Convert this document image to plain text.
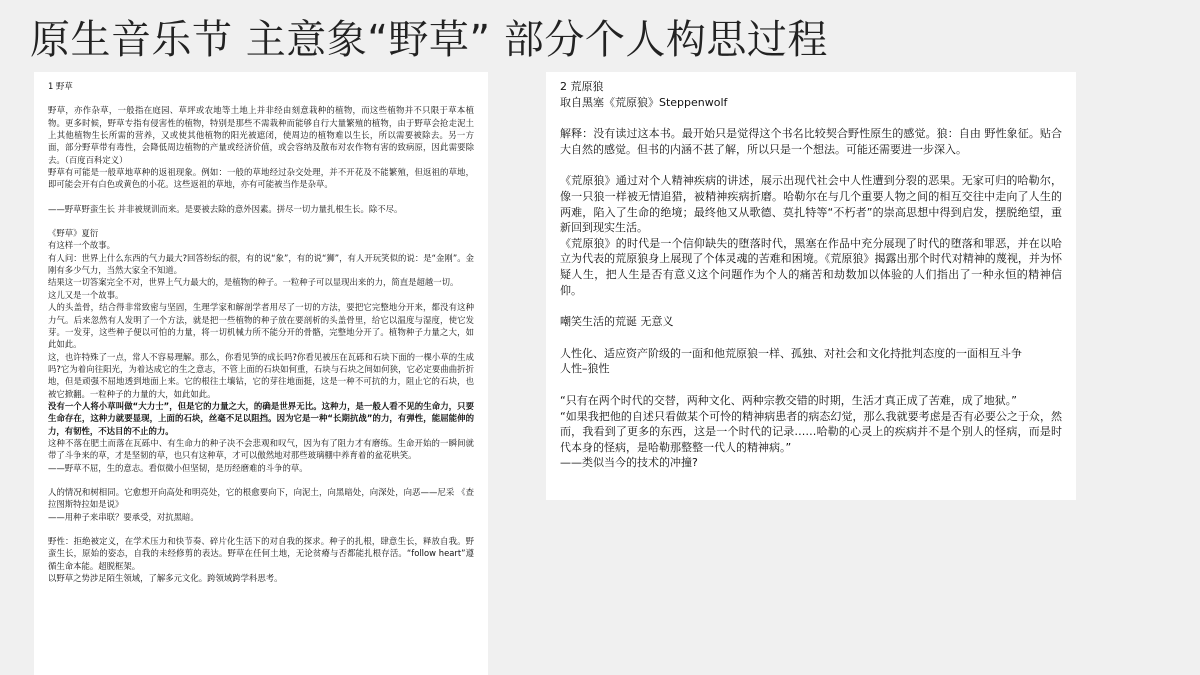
原生音乐节 主意象“野草” 部分个人构思过程

1 野草

野草，亦作杂草，一般指在庭园、草坪或农地等土地上并非经由刻意栽种的植物，而这些植物并不只限于草本植物。更多时候，野草专指有侵害性的植物，特别是那些不需栽种而能够自行大量繁殖的植物，由于野草会抢走泥土上其他植物生长所需的营养，又或使其他植物的阳光被遮闭，使周边的植物难以生长，所以需要被除去。另一方面，部分野草带有毒性，会降低周边植物的产量或经济价值，或会容纳及散布对农作物有害的致病原，因此需要除去。（百度百科定义）

野草有可能是一般草地草种的返祖现象。例如：一般的草地经过杂交处理，并不开花及不能繁殖，但返祖的草地，即可能会开有白色或黄色的小花。这些返祖的草地，亦有可能被当作是杂草。

——野草野蛮生长 并非被规训而来。是要被去除的意外因素。拼尽一切力量扎根生长。除不尽。

《野草》夏衍

有这样一个故事。

有人问：世界上什么东西的气力最大?回答纷纭的很，有的说“象”，有的说“狮”，有人开玩笑似的说：是“金刚”。金刚有多少气力，当然大家全不知道。

结果这一切答案完全不对，世界上气力最大的，是植物的种子。一粒种子可以显现出来的力，简直是超越一切。

这儿又是一个故事。

人的头盖骨，结合得非常致密与坚固，生理学家和解剖学者用尽了一切的方法，要把它完整地分开来，都没有这种力气。后来忽然有人发明了一个方法，就是把一些植物的种子放在要剖析的头盖骨里，给它以温度与湿度，使它发芽。一发芽，这些种子便以可怕的力量，将一切机械力所不能分开的骨骼，完整地分开了。植物种子力量之大，如此如此。

这，也许特殊了一点，常人不容易理解。那么，你看见笋的成长吗?你看见被压在瓦砾和石块下面的一棵小草的生成吗?它为着向往阳光，为着达成它的生之意志，不管上面的石块如何重，石块与石块之间如何狭，它必定要曲曲折折地，但是顽强不屈地透到地面上来。它的根往土壤钻，它的芽往地面挺，这是一种不可抗的力，阻止它的石块，也被它掀翻。一粒种子的力量的大，如此如此。

没有一个人将小草叫做“大力士”，但是它的力量之大，的确是世界无比。这种力，是一般人看不见的生命力，只要生命存在，这种力就要显现，上面的石块，丝毫不足以阻挡。因为它是一种“长期抗战”的力，有弹性，能屈能伸的力，有韧性，不达目的不止的力。

这种不落在肥土而落在瓦砾中、有生命力的种子决不会悲观和叹气，因为有了阻力才有磨练。生命开始的一瞬间就带了斗争来的草，才是坚韧的草，也只有这种草，才可以傲然地对那些玻璃棚中养育着的盆花哄笑。

——野草不屈，生的意志。看似微小但坚韧，是历经磨难的斗争的草。

人的情况和树相同。它愈想开向高处和明亮处，它的根愈要向下，向泥土，向黑暗处，向深处，向恶——尼采 《查拉图斯特拉如是说》

——用种子来串联？要承受，对抗黑暗。

野性：拒绝被定义，在学术压力和快节奏、碎片化生活下的对自我的探求。种子的扎根，肆意生长，释放自我。野蛮生长，原始的姿态，自我的未经修剪的表达。野草在任何土地，无论贫瘠与否都能扎根存活。“follow heart”遵循生命本能。超脱框架。

以野草之势涉足陌生领域，了解多元文化。跨领域跨学科思考。

2 荒原狼

取自黑塞《荒原狼》Steppenwolf

解释：没有读过这本书。最开始只是觉得这个书名比较契合野性原生的感觉。狼：自由 野性象征。贴合大自然的感觉。但书的内涵不甚了解，所以只是一个想法。可能还需要进一步深入。

《荒原狼》通过对个人精神疾病的讲述，展示出现代社会中人性遭到分裂的恶果。无家可归的哈勒尔，像一只狼一样被无情追猎，被精神疾病折磨。哈勒尔在与几个重要人物之间的相互交往中走向了人生的两难，陷入了生命的绝境；最终他又从歌德、莫扎特等“不朽者”的崇高思想中得到启发，摆脱绝望，重新回到现实生活。

《荒原狼》的时代是一个信仰缺失的堕落时代，黑塞在作品中充分展现了时代的堕落和罪恶，并在以哈立为代表的荒原狼身上展现了个体灵魂的苦难和困境。《荒原狼》揭露出那个时代对精神的蔑视，并为怀疑人生，把人生是否有意义这个问题作为个人的痛苦和劫数加以体验的人们指出了一种永恒的精神信仰。

嘲笑生活的荒诞 无意义

人性化、适应资产阶级的一面和他荒原狼一样、孤独、对社会和文化持批判态度的一面相互斗争

人性–狼性

“只有在两个时代的交替，两种文化、两种宗教交错的时期，生活才真正成了苦难，成了地狱。”

“如果我把他的自述只看做某个可怜的精神病患者的病态幻觉，那么我就要考虑是否有必要公之于众，然而，我看到了更多的东西，这是一个时代的记录……哈勒的心灵上的疾病并不是个别人的怪病，而是时代本身的怪病，是哈勒那整整一代人的精神病。”

——类似当今的技术的冲撞?
